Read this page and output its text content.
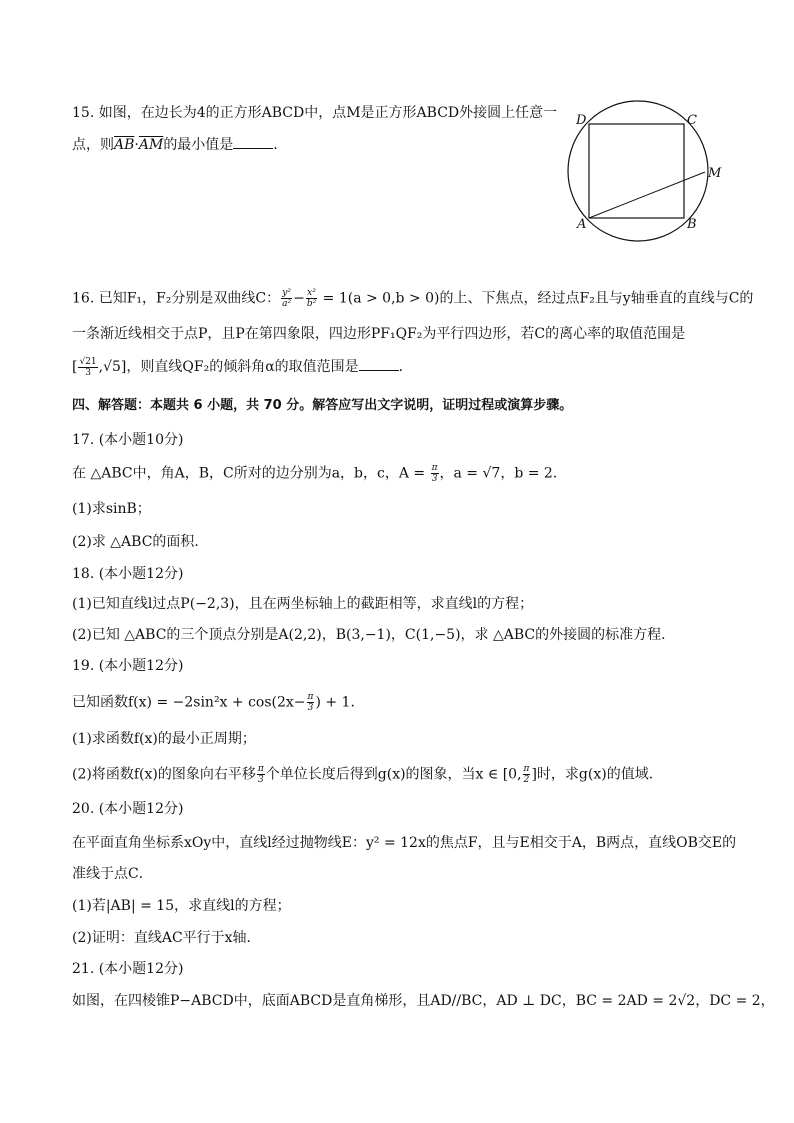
15. 如图，在边长为4的正方形ABCD中，点M是正方形ABCD外接圆上任意一
点，则$\overline{AB}\cdot\overline{AM}$的最小值是	．
D	C
M
A	B
16. 已知F₁，F₂分别是双曲线C： $\frac{\text{y²}}{\text{a²}} - \frac{\text{x²}}{\text{b²}} = 1(a > 0,b > 0)$的上、下焦点，经过点F₂且与y轴垂直的直线与C的
一条渐近线相交于点P，且P在第四象限，四边形PF₁QF₂为平行四边形，若C的离心率的取值范围是
[ $\frac{√21}{3} ,√5$]，则直线QF₂的倾斜角α的取值范围是	．
四、解答题：本题共 6 小题，共 70 分。解答应写出文字说明，证明过程或演算步骤。
17. (本小题10分)
在 △ABC中，角A，B，C所对的边分别为a，b，c，$A = \frac{\pi}{3}$ ，a = √7，b = 2．
(1)求sinB；
(2)求 △ABC的面积．
18. (本小题12分)
(1)已知直线l过点P(−2,3)，且在两坐标轴上的截距相等，求直线l的方程；
(2)已知 △ABC的三个顶点分别是A(2,2)，B(3,−1)，C(1,−5)，求 △ABC的外接圆的标准方程．
19. (本小题12分)
已知函数$f(x) = -2\sin^2x + \cos(2x- \frac{\pi}{3}$ ) + 1．
(1)求函数f(x)的最小正周期；
(2)将函数f(x)的图象向右平移 $\frac{\pi}{3}$ 个单位长度后得到g(x)的图象，当x ∈ [0, $\frac{\pi}{2}$ ]时，求g(x)的值域．
20. (本小题12分)
在平面直角坐标系xOy中，直线l经过抛物线E：y² = 12x的焦点F，且与E相交于A，B两点，直线OB交E的
准线于点C．
(1)若|AB| = 15，求直线l的方程；
(2)证明：直线AC平行于x轴．
21. (本小题12分)
如图，在四棱锥P−ABCD中，底面ABCD是直角梯形，且AD//BC，AD ⊥ DC，BC = 2AD = 2√2，DC = 2，
